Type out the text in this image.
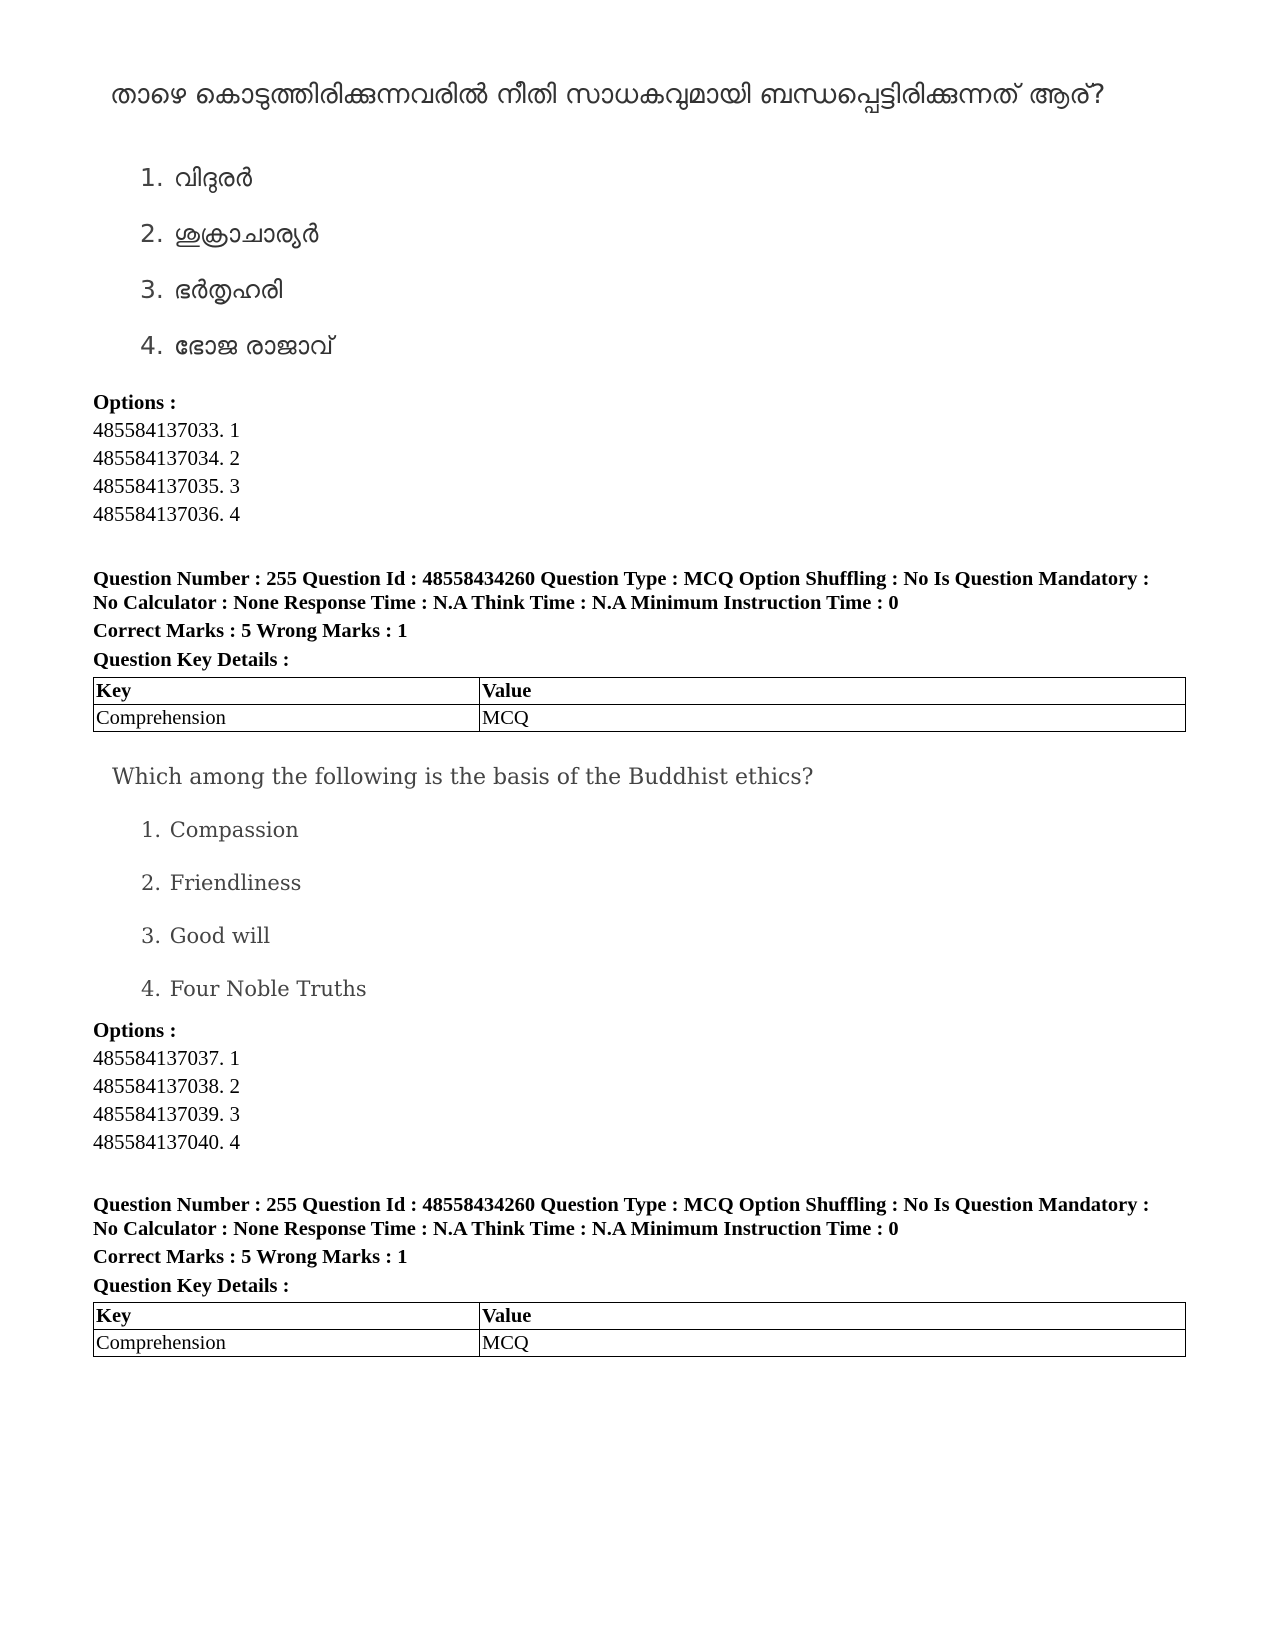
താഴെ കൊടുത്തിരിക്കുന്നവരിൽ നീതി സാധകവുമായി ബന്ധപ്പെട്ടിരിക്കുന്നത് ആര്?
1. വിദുരർ
2. ശുക്രാചാര്യർ
3. ഭർതൃഹരി
4. ഭോജ രാജാവ്
Options :
485584137033. 1
485584137034. 2
485584137035. 3
485584137036. 4
Question Number : 255 Question Id : 48558434260 Question Type : MCQ Option Shuffling : No Is Question Mandatory :
No Calculator : None Response Time : N.A Think Time : N.A Minimum Instruction Time : 0
Correct Marks : 5 Wrong Marks : 1
Question Key Details :
Key	Value
Comprehension	MCQ
Which among the following is the basis of the Buddhist ethics?
1. Compassion
2. Friendliness
3. Good will
4. Four Noble Truths
Options :
485584137037. 1
485584137038. 2
485584137039. 3
485584137040. 4
Question Number : 255 Question Id : 48558434260 Question Type : MCQ Option Shuffling : No Is Question Mandatory :
No Calculator : None Response Time : N.A Think Time : N.A Minimum Instruction Time : 0
Correct Marks : 5 Wrong Marks : 1
Question Key Details :
Key	Value
Comprehension	MCQ
